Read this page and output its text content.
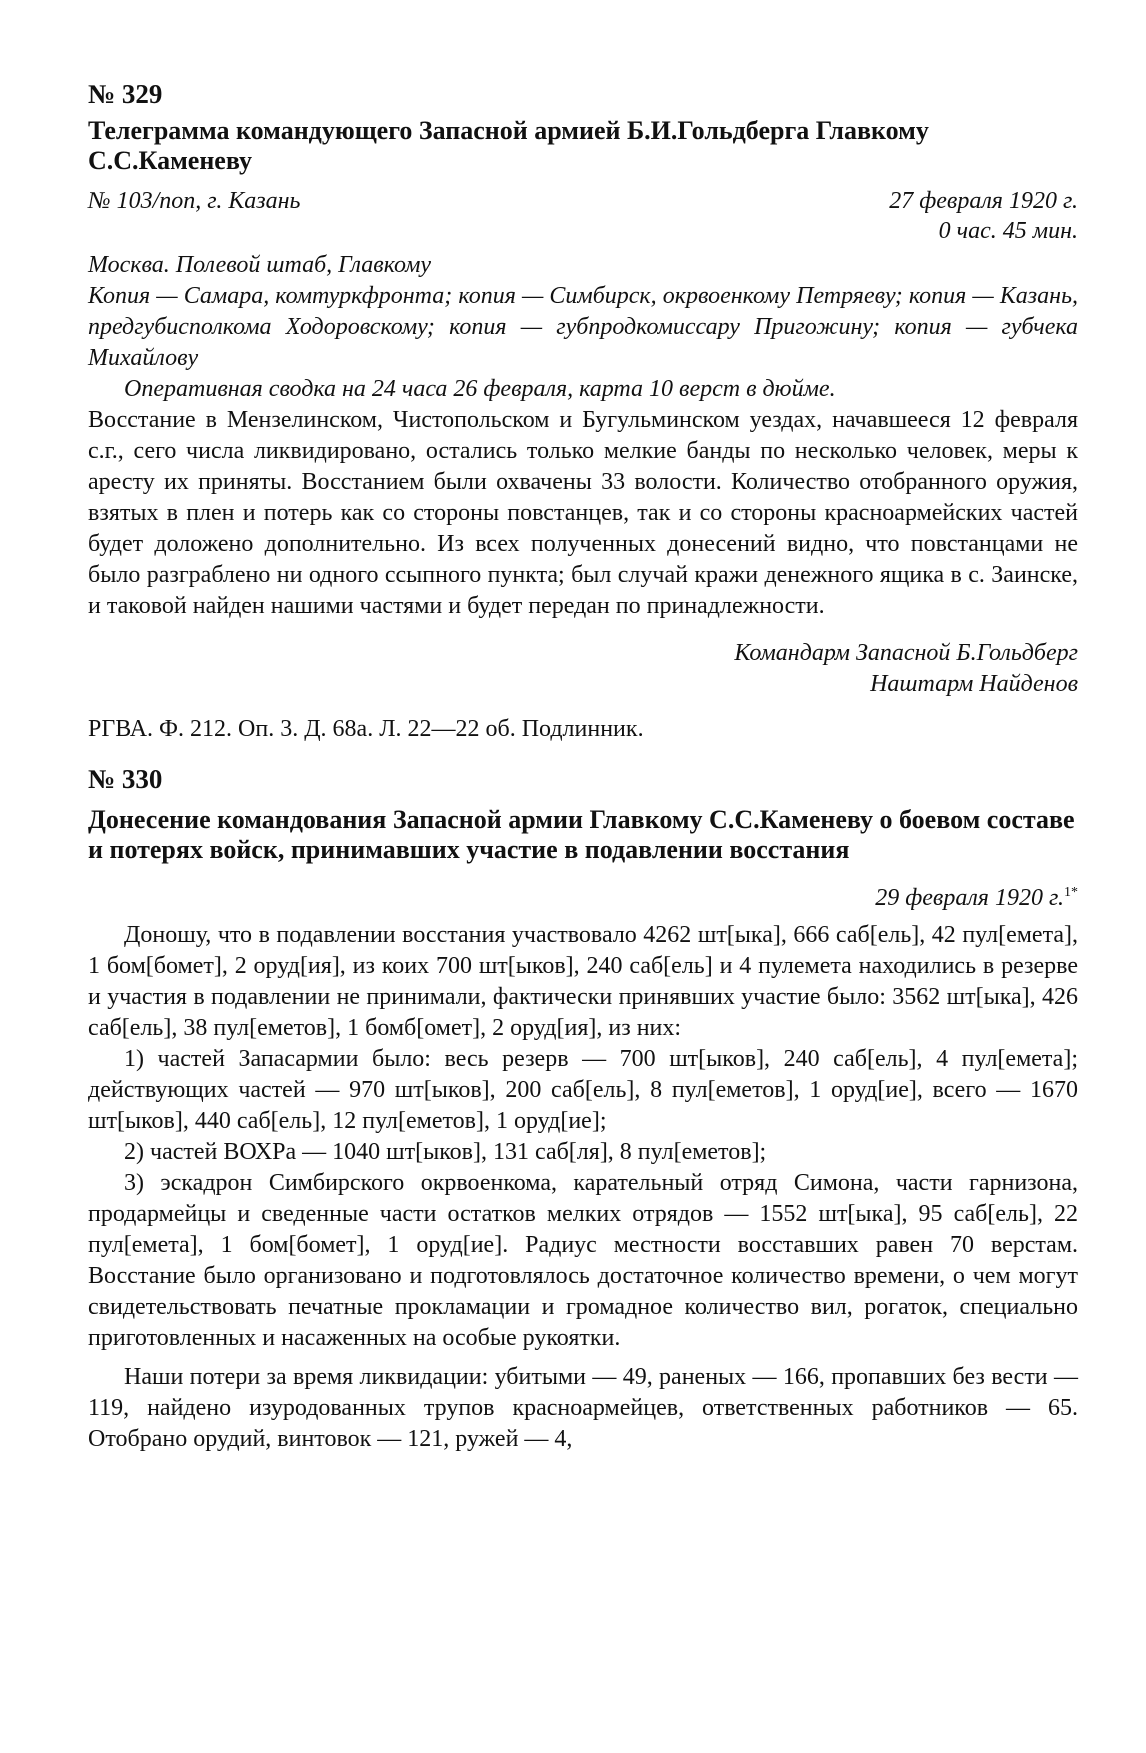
№ 329
Телеграмма командующего Запасной армией Б.И.Гольдберга Главкому С.С.Каменеву
№ 103/поп, г. Казань	27 февраля 1920 г.
0 час. 45 мин.
Москва. Полевой штаб, Главкому
Копия — Самара, комтуркфронта; копия — Симбирск, окрвоенкому Петряеву; копия — Казань, предгубисполкома Ходоровскому; копия — губпродкомиссару Пригожину; копия — губчека Михайлову

Оперативная сводка на 24 часа 26 февраля, карта 10 верст в дюйме.

Восстание в Мензелинском, Чистопольском и Бугульминском уездах, начавшееся 12 февраля с.г., сего числа ликвидировано, остались только мелкие банды по несколько человек, меры к аресту их приняты. Восстанием были охвачены 33 волости. Количество отобранного оружия, взятых в плен и потерь как со стороны повстанцев, так и со стороны красноармейских частей будет доложено дополнительно. Из всех полученных донесений видно, что повстанцами не было разграблено ни одного ссыпного пункта; был случай кражи денежного ящика в с. Заинске, и таковой найден нашими частями и будет передан по принадлежности.

Командарм Запасной Б.Гольдберг
Наштарм Найденов
РГВА. Ф. 212. Оп. 3. Д. 68а. Л. 22—22 об. Подлинник.
№ 330
Донесение командования Запасной армии Главкому С.С.Каменеву о боевом составе и потерях войск, принимавших участие в подавлении восстания
29 февраля 1920 г.$^{1*}$

Доношу, что в подавлении восстания участвовало 4262 шт[ыка], 666 саб[ель], 42 пул[емета], 1 бом[бомет], 2 оруд[ия], из коих 700 шт[ыков], 240 саб[ель] и 4 пулемета находились в резерве и участия в подавлении не принимали, фактически принявших участие было: 3562 шт[ыка], 426 саб[ель], 38 пул[еметов], 1 бомб[омет], 2 оруд[ия], из них:

1) частей Запасармии было: весь резерв — 700 шт[ыков], 240 саб[ель], 4 пул[емета]; действующих частей — 970 шт[ыков], 200 саб[ель], 8 пул[еметов], 1 оруд[ие], всего — 1670 шт[ыков], 440 саб[ель], 12 пул[еметов], 1 оруд[ие];

2) частей ВОХРа — 1040 шт[ыков], 131 саб[ля], 8 пул[еметов];

3) эскадрон Симбирского окрвоенкома, карательный отряд Симона, части гарнизона, продармейцы и сведенные части остатков мелких отрядов — 1552 шт[ыка], 95 саб[ель], 22 пул[емета], 1 бом[бомет], 1 оруд[ие]. Радиус местности восставших равен 70 верстам. Восстание было организовано и подготовлялось достаточное количество времени, о чем могут свидетельствовать печатные прокламации и громадное количество вил, рогаток, специально приготовленных и насаженных на особые рукоятки.

Наши потери за время ликвидации: убитыми — 49, раненых — 166, пропавших без вести — 119, найдено изуродованных трупов красноармейцев, ответственных работников — 65. Отобрано орудий, винтовок — 121, ружей — 4,
